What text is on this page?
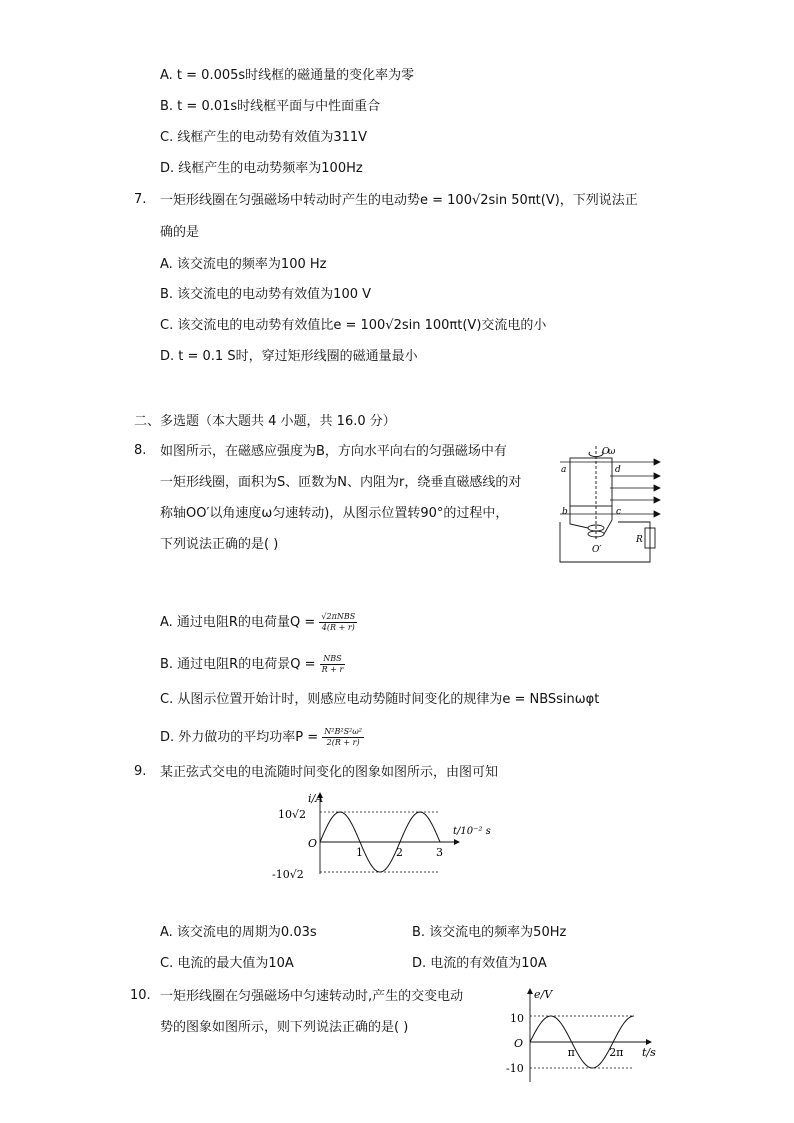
A. t = 0.005s时线框的磁通量的变化率为零
B. t = 0.01s时线框平面与中性面重合
C. 线框产生的电动势有效值为311V
D. 线框产生的电动势频率为100Hz
7. 一矩形线圈在匀强磁场中转动时产生的电动势e = 100√2sin 50πt(V)，下列说法正
确的是
A. 该交流电的频率为100 Hz
B. 该交流电的电动势有效值为100 V
C. 该交流电的电动势有效值比e = 100√2sin 100πt(V)交流电的小
D. t = 0.1 S时，穿过矩形线圈的磁通量最小
二、多选题（本大题共 4 小题，共 16.0 分）
8. 如图所示，在磁感应强度为B，方向水平向右的匀强磁场中有
一矩形线圈，面积为S、匝数为N、内阻为r，绕垂直磁感线的对
称轴OO′以角速度ω匀速转动)，从图示位置转90°的过程中，
下列说法正确的是( )
a	d
b	c
O
ω
O′
R
A. 通过电阻R的电荷量$Q = \frac{\text{√2πNBS}}{4(R + r)}$
B. 通过电阻R的电荷景$Q = \frac{\text{NBS}}{R + r}$
C. 从图示位置开始计时，则感应电动势随时间变化的规律为e = NBSsinωφt
D. 外力做功的平均功率$P = \frac{\text{N²B²S²ω²}}{2(R + r)}$
9. 某正弦式交电的电流随时间变化的图象如图所示，由图可知
i/A
t/10⁻² s
10√2
O
-10√2
1	2	3
A. 该交流电的周期为0.03s	B. 该交流电的频率为50Hz
C. 电流的最大值为10A	D. 电流的有效值为10A
10. 一矩形线圈在匀强磁场中匀速转动时,产生的交变电动
势的图象如图所示，则下列说法正确的是( )
e/V
t/s
10
O
-10
π	2π
